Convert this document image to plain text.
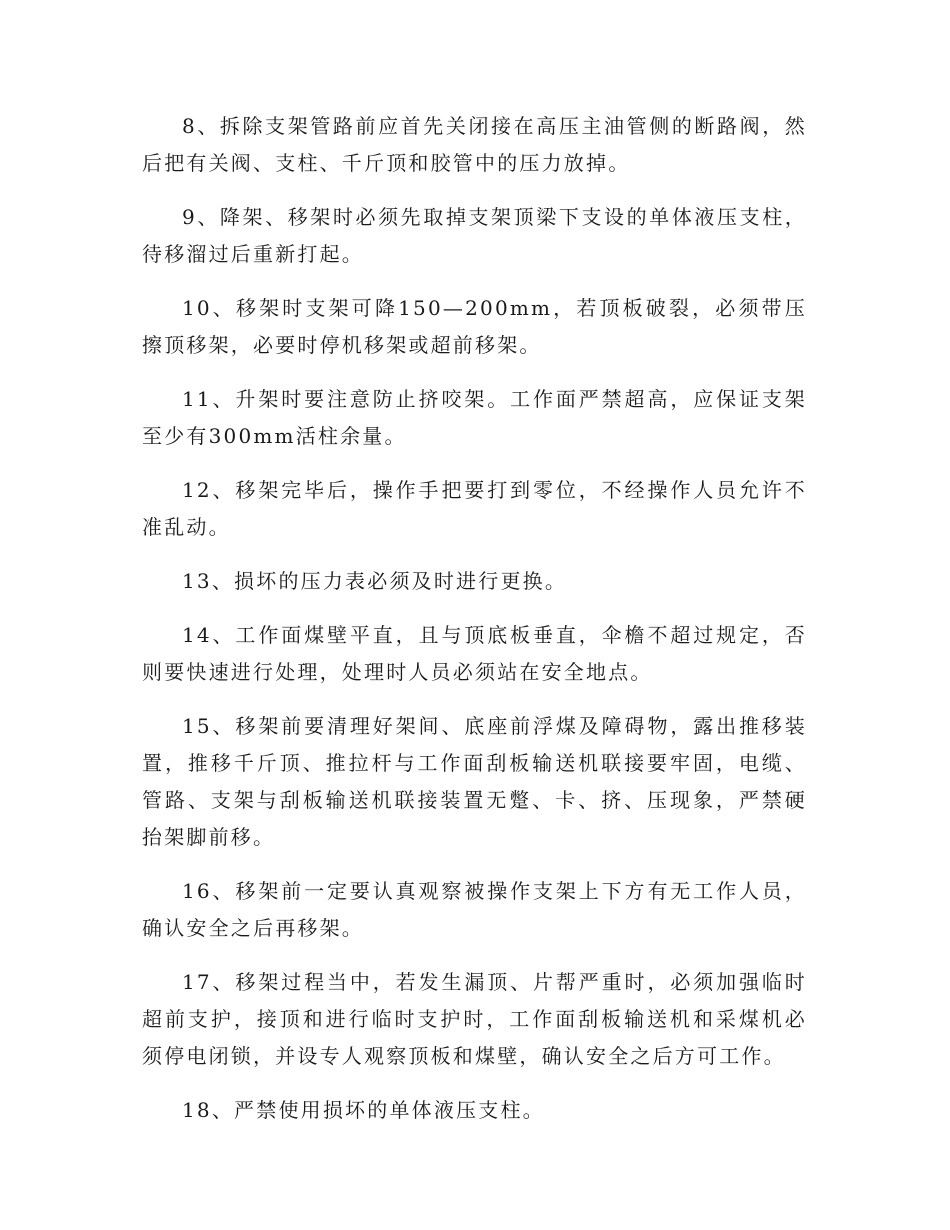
8、拆除支架管路前应首先关闭接在高压主油管侧的断路阀，然后把有关阀、支柱、千斤顶和胶管中的压力放掉。

9、降架、移架时必须先取掉支架顶梁下支设的单体液压支柱，待移溜过后重新打起。

10、移架时支架可降150—200mm，若顶板破裂，必须带压擦顶移架，必要时停机移架或超前移架。

11、升架时要注意防止挤咬架。工作面严禁超高，应保证支架至少有300mm活柱余量。

12、移架完毕后，操作手把要打到零位，不经操作人员允许不准乱动。

13、损坏的压力表必须及时进行更换。

14、工作面煤壁平直，且与顶底板垂直，伞檐不超过规定，否则要快速进行处理，处理时人员必须站在安全地点。

15、移架前要清理好架间、底座前浮煤及障碍物，露出推移装置，推移千斤顶、推拉杆与工作面刮板输送机联接要牢固，电缆、管路、支架与刮板输送机联接装置无蹩、卡、挤、压现象，严禁硬抬架脚前移。

16、移架前一定要认真观察被操作支架上下方有无工作人员，确认安全之后再移架。

17、移架过程当中，若发生漏顶、片帮严重时，必须加强临时超前支护，接顶和进行临时支护时，工作面刮板输送机和采煤机必须停电闭锁，并设专人观察顶板和煤壁，确认安全之后方可工作。

18、严禁使用损坏的单体液压支柱。
